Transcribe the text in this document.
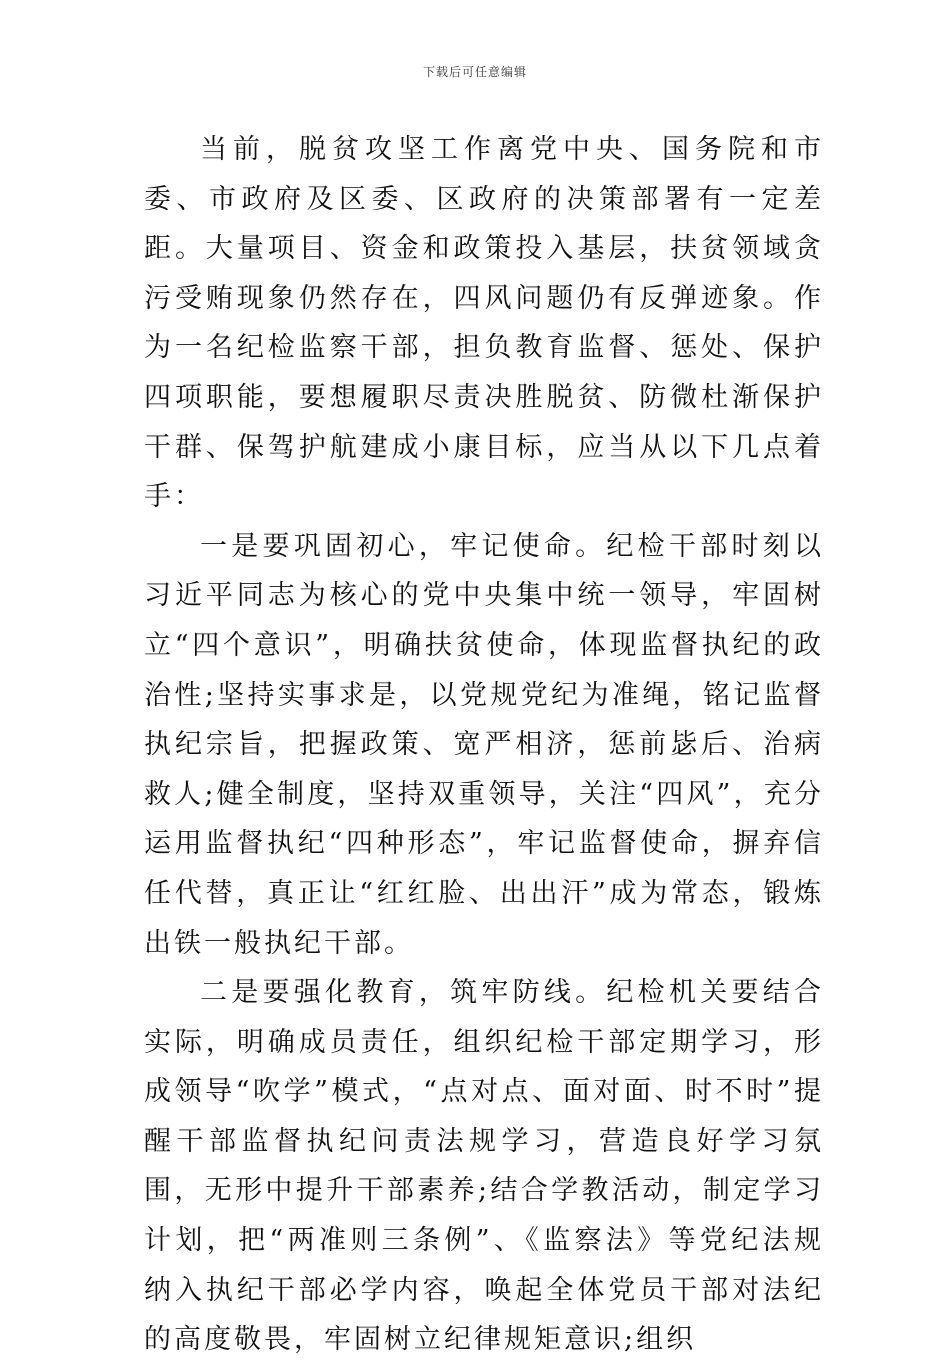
下载后可任意编辑

当前，脱贫攻坚工作离党中央、国务院和市委、市政府及区委、区政府的决策部署有一定差距。大量项目、资金和政策投入基层，扶贫领域贪污受贿现象仍然存在，四风问题仍有反弹迹象。作为一名纪检监察干部，担负教育监督、惩处、保护四项职能，要想履职尽责决胜脱贫、防微杜渐保护干群、保驾护航建成小康目标，应当从以下几点着手：

一是要巩固初心，牢记使命。纪检干部时刻以习近平同志为核心的党中央集中统一领导，牢固树立“四个意识”，明确扶贫使命，体现监督执纪的政治性;坚持实事求是，以党规党纪为准绳，铭记监督执纪宗旨，把握政策、宽严相济，惩前毖后、治病救人;健全制度，坚持双重领导，关注“四风”，充分运用监督执纪“四种形态”，牢记监督使命，摒弃信任代替，真正让“红红脸、出出汗”成为常态，锻炼出铁一般执纪干部。

二是要强化教育，筑牢防线。纪检机关要结合实际，明确成员责任，组织纪检干部定期学习，形成领导“吹学”模式，“点对点、面对面、时不时”提醒干部监督执纪问责法规学习，营造良好学习氛围，无形中提升干部素养;结合学教活动，制定学习计划，把“两准则三条例”、《监察法》等党纪法规纳入执纪干部必学内容，唤起全体党员干部对法纪的高度敬畏，牢固树立纪律规矩意识;组织
